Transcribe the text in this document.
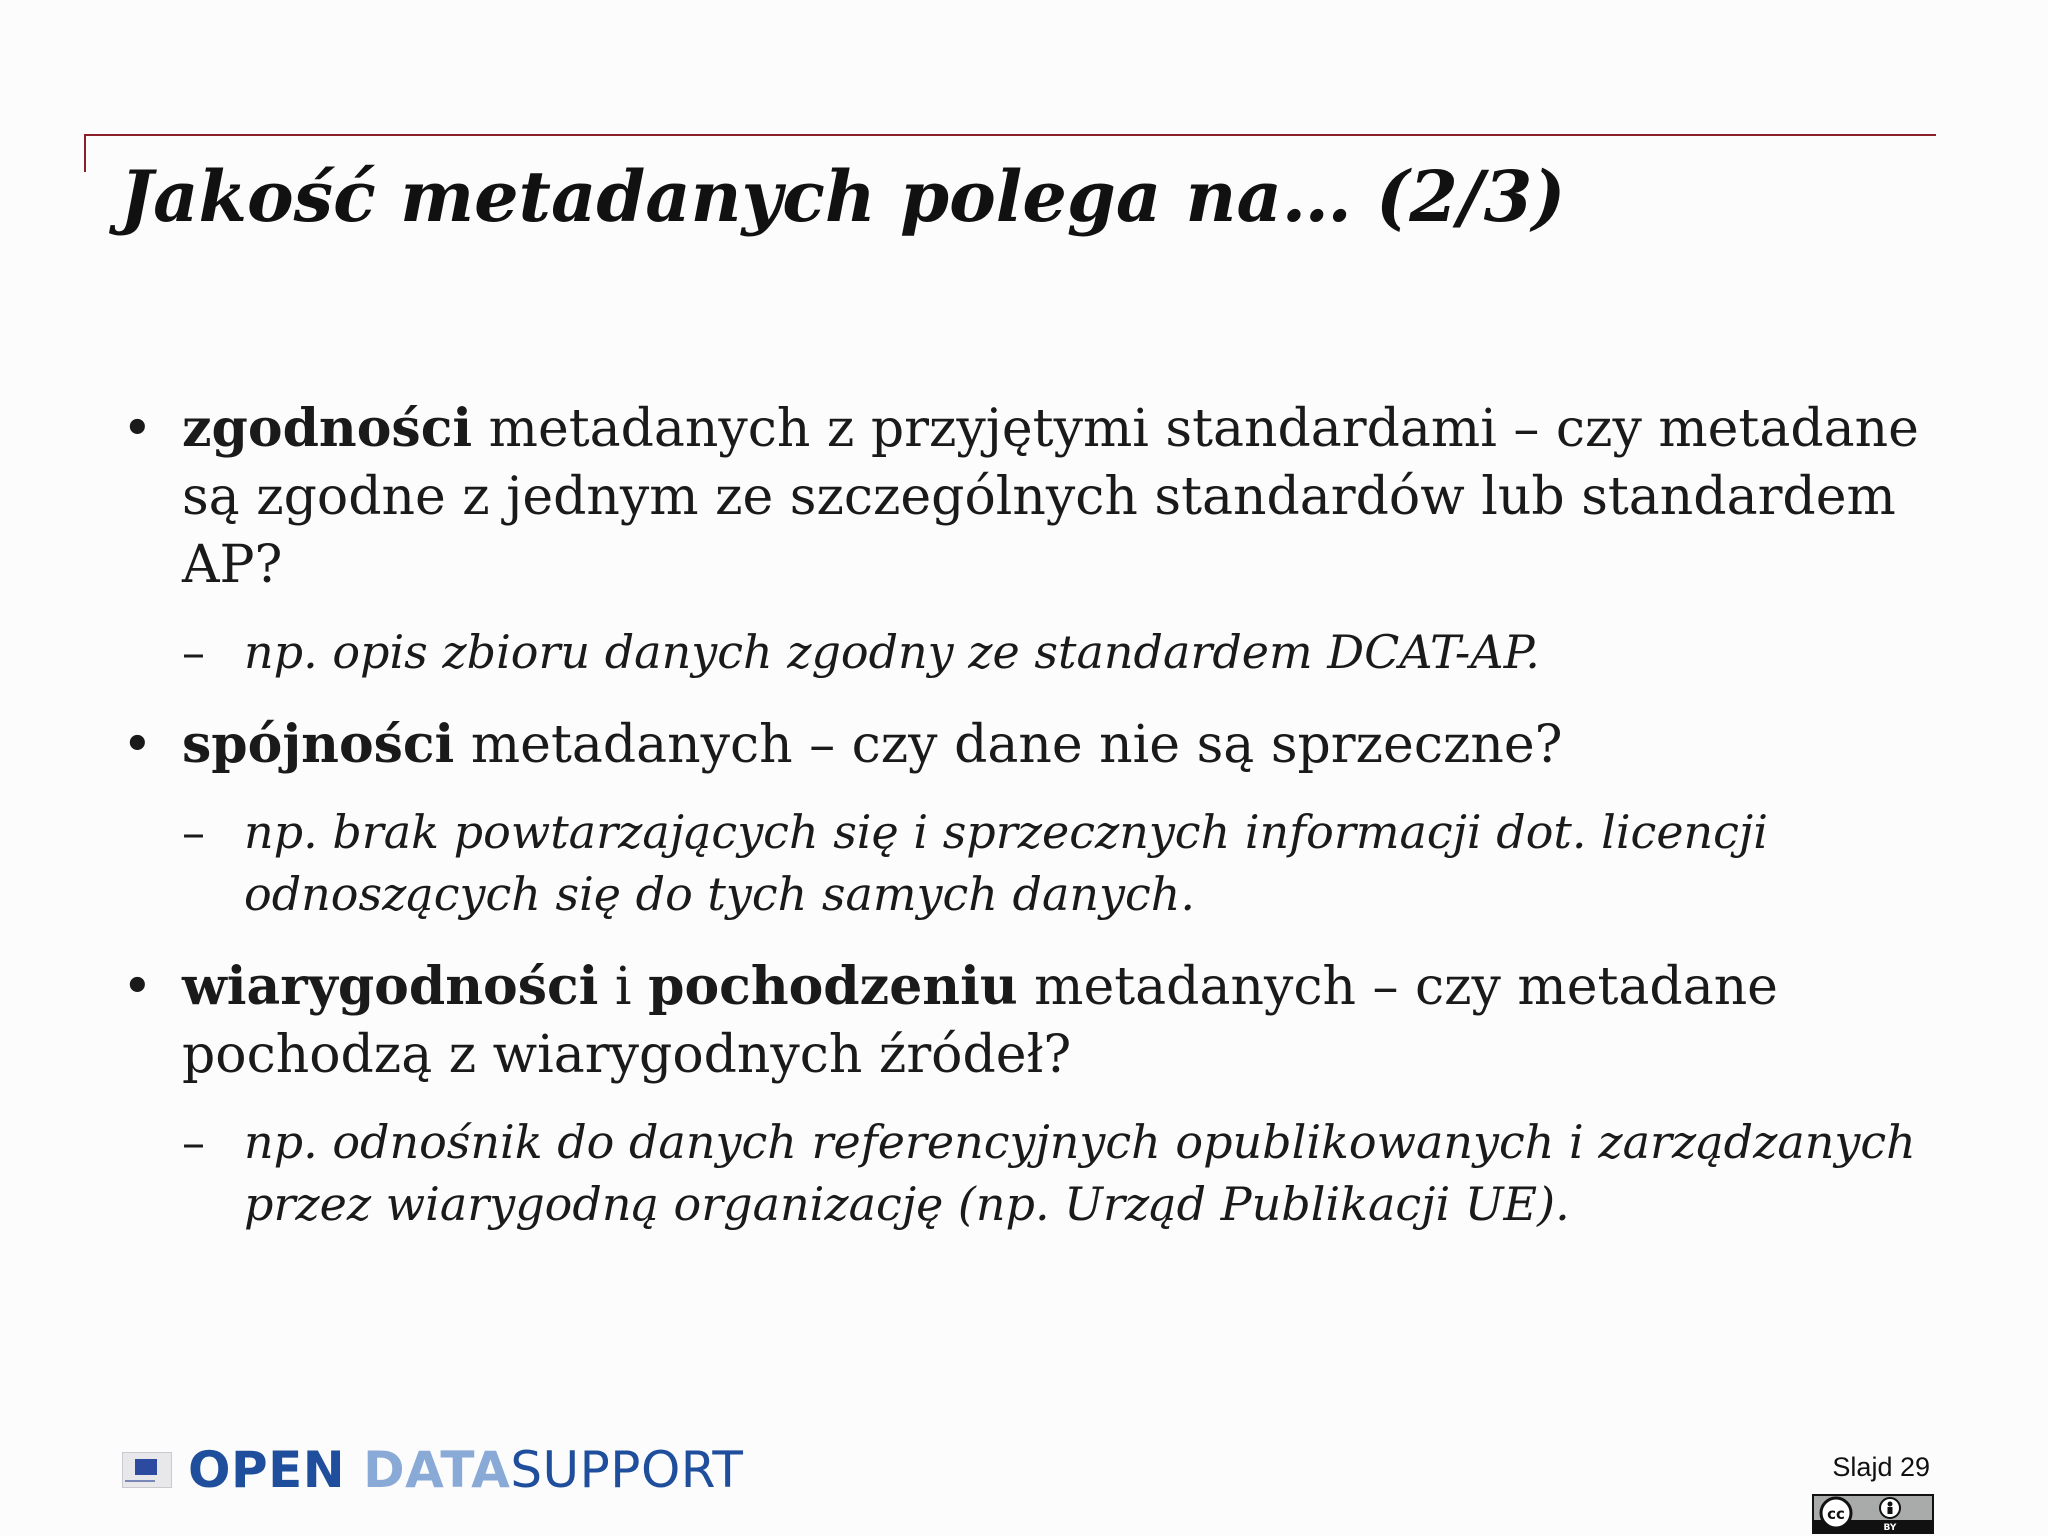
Jakość metadanych polega na… (2/3)

• zgodności metadanych z przyjętymi standardami – czy metadane są zgodne z jednym ze szczególnych standardów lub standardem AP?

– np. opis zbioru danych zgodny ze standardem DCAT-AP.

• spójności metadanych – czy dane nie są sprzeczne?

– np. brak powtarzających się i sprzecznych informacji dot. licencji odnoszących się do tych samych danych.

• wiarygodności i pochodzeniu metadanych – czy metadane pochodzą z wiarygodnych źródeł?

– np. odnośnik do danych referencyjnych opublikowanych i zarządzanych przez wiarygodną organizację (np. Urząd Publikacji UE).

OPEN DATASUPPORT	Slajd 29
cc
BY
